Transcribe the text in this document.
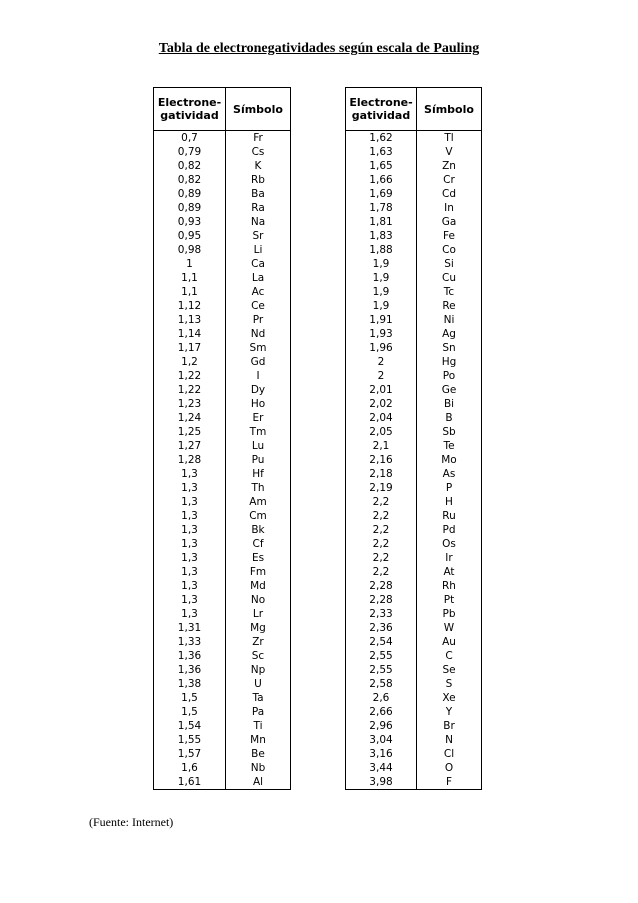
Tabla de electronegatividades según escala de Pauling
Electrone-
gatividad	Símbolo
0,7	Fr
0,79	Cs
0,82	K
0,82	Rb
0,89	Ba
0,89	Ra
0,93	Na
0,95	Sr
0,98	Li
1	Ca
1,1	La
1,1	Ac
1,12	Ce
1,13	Pr
1,14	Nd
1,17	Sm
1,2	Gd
1,22	I
1,22	Dy
1,23	Ho
1,24	Er
1,25	Tm
1,27	Lu
1,28	Pu
1,3	Hf
1,3	Th
1,3	Am
1,3	Cm
1,3	Bk
1,3	Cf
1,3	Es
1,3	Fm
1,3	Md
1,3	No
1,3	Lr
1,31	Mg
1,33	Zr
1,36	Sc
1,36	Np
1,38	U
1,5	Ta
1,5	Pa
1,54	Ti
1,55	Mn
1,57	Be
1,6	Nb
1,61	Al
Electrone-
gatividad	Símbolo
1,62	Tl
1,63	V
1,65	Zn
1,66	Cr
1,69	Cd
1,78	In
1,81	Ga
1,83	Fe
1,88	Co
1,9	Si
1,9	Cu
1,9	Tc
1,9	Re
1,91	Ni
1,93	Ag
1,96	Sn
2	Hg
2	Po
2,01	Ge
2,02	Bi
2,04	B
2,05	Sb
2,1	Te
2,16	Mo
2,18	As
2,19	P
2,2	H
2,2	Ru
2,2	Pd
2,2	Os
2,2	Ir
2,2	At
2,28	Rh
2,28	Pt
2,33	Pb
2,36	W
2,54	Au
2,55	C
2,55	Se
2,58	S
2,6	Xe
2,66	Y
2,96	Br
3,04	N
3,16	Cl
3,44	O
3,98	F
(Fuente: Internet)
